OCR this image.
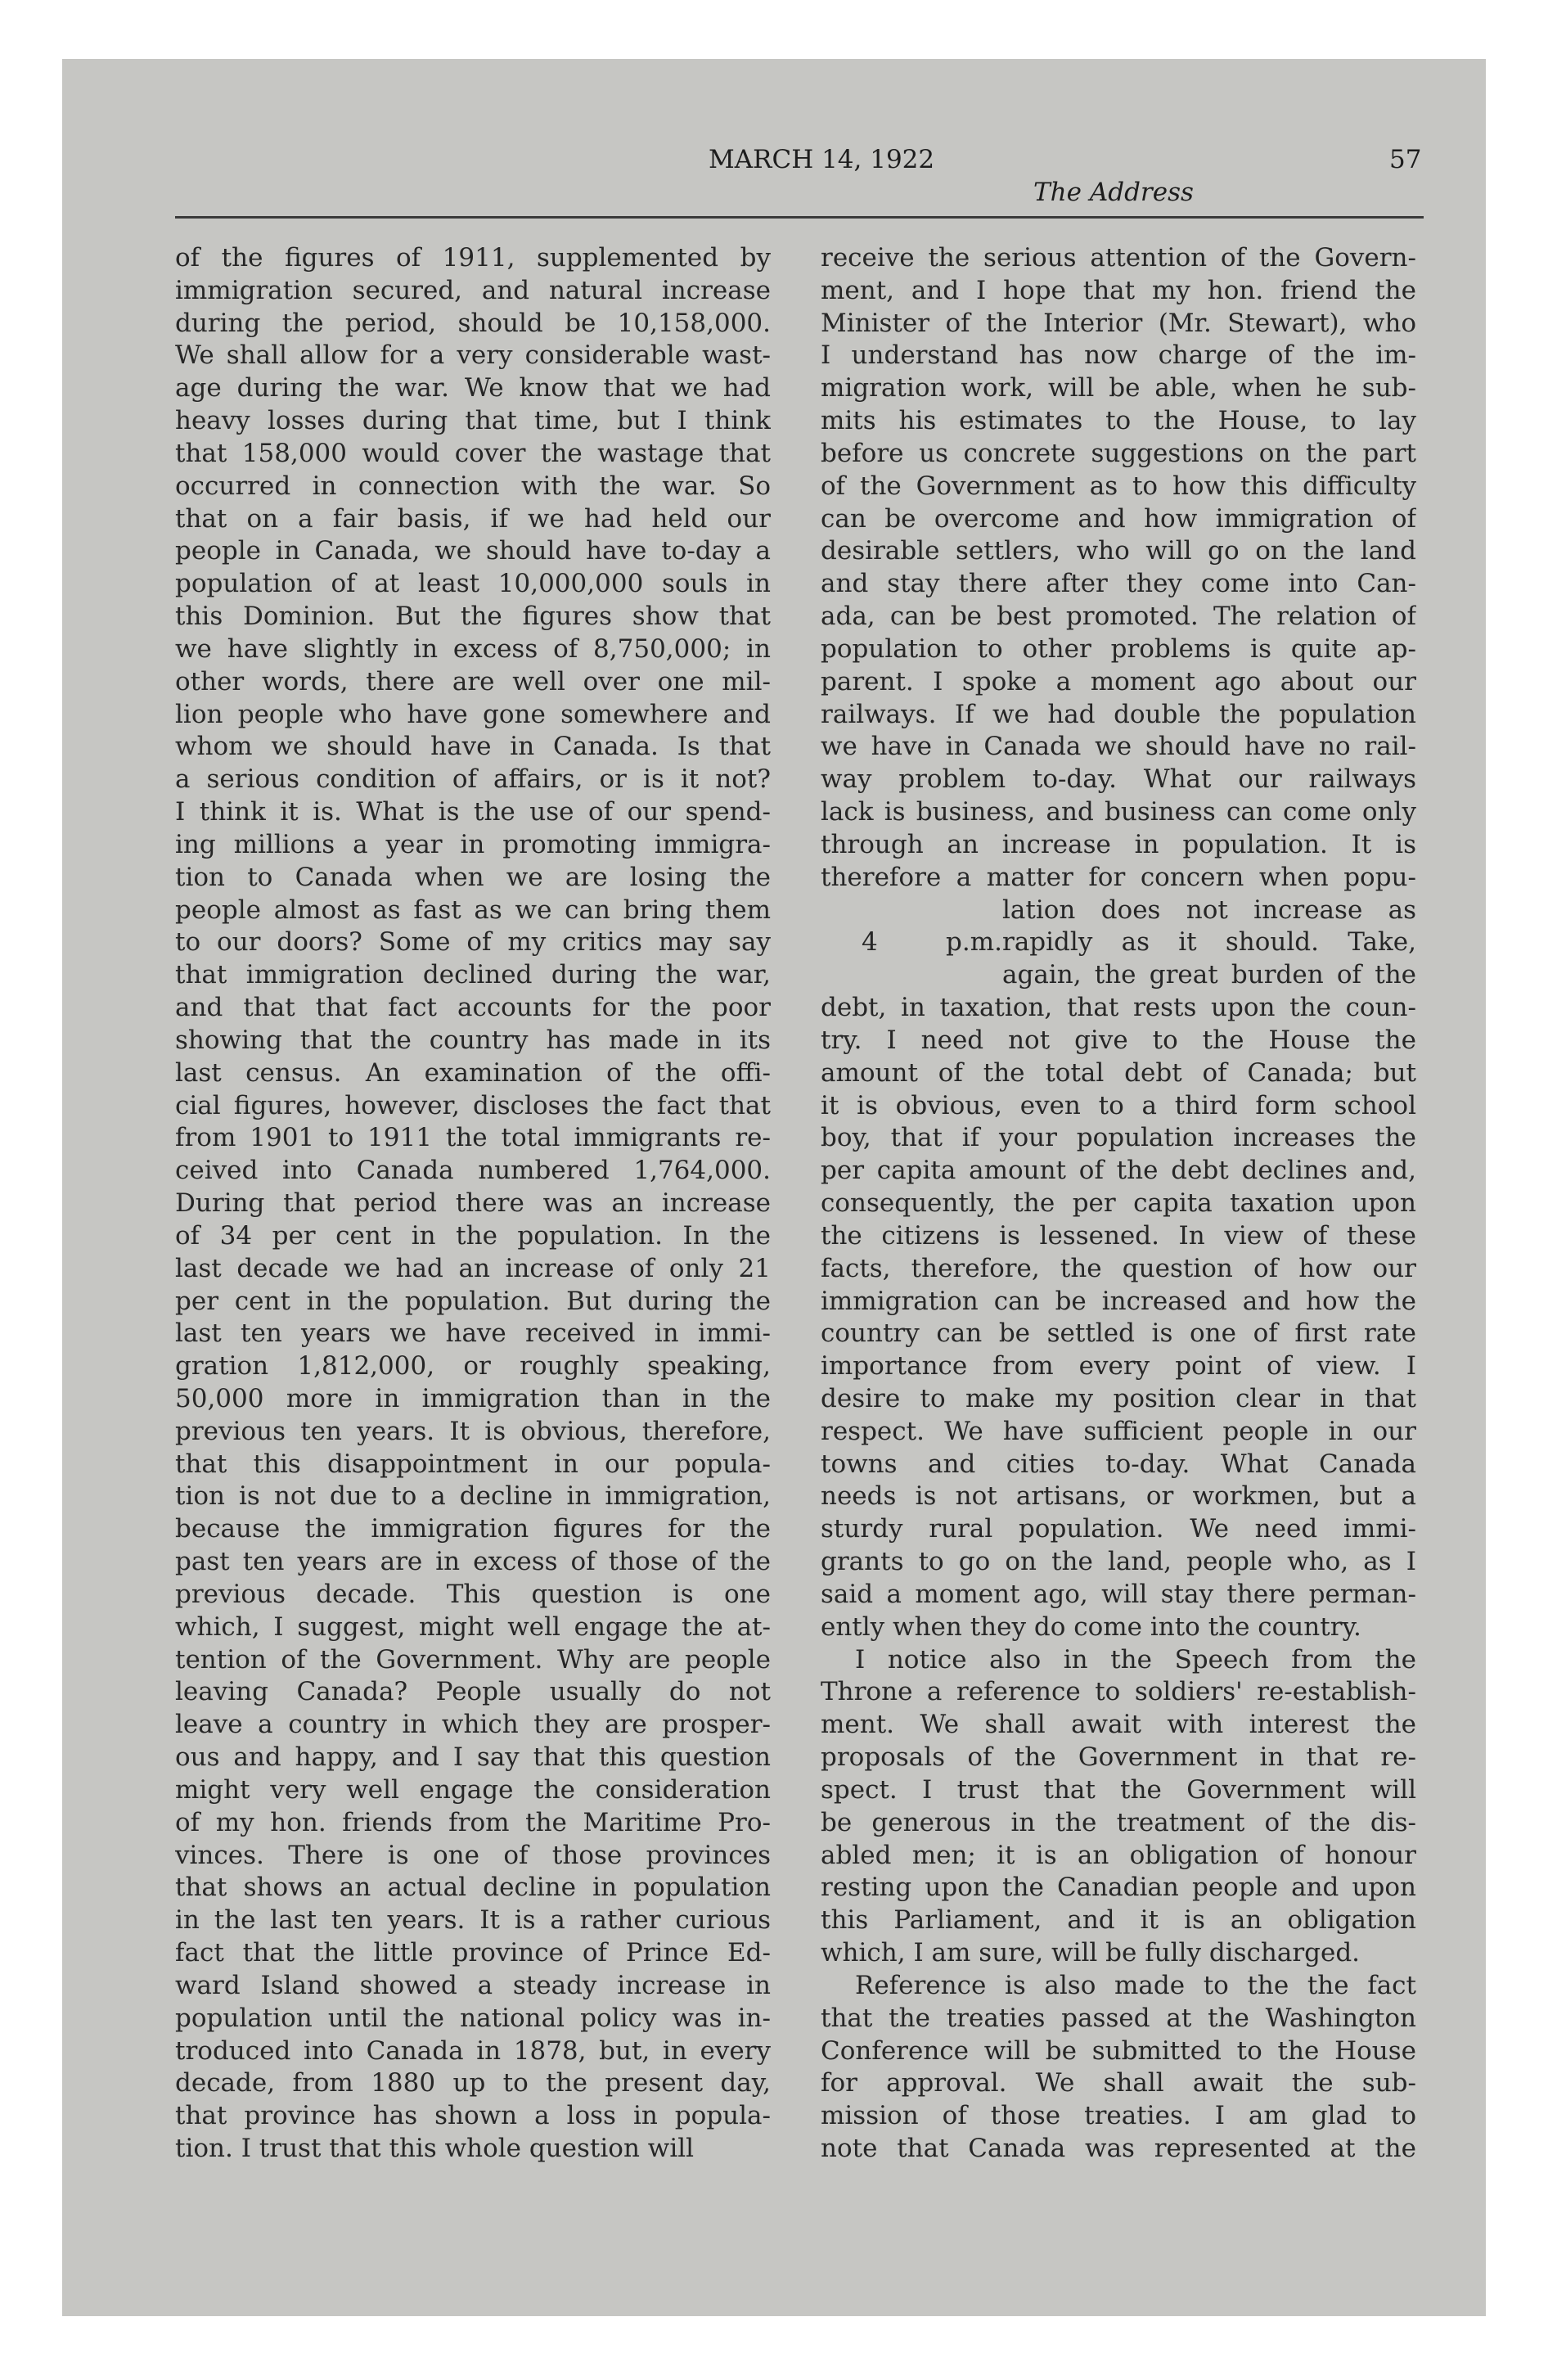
MARCH 14, 1922	57
The Address
of the figures of 1911, supplemented by
immigration secured, and natural increase
during the period, should be 10,158,000.
We shall allow for a very considerable wast-
age during the war. We know that we had
heavy losses during that time, but I think
that 158,000 would cover the wastage that
occurred in connection with the war. So
that on a fair basis, if we had held our
people in Canada, we should have to-day a
population of at least 10,000,000 souls in
this Dominion. But the figures show that
we have slightly in excess of 8,750,000; in
other words, there are well over one mil-
lion people who have gone somewhere and
whom we should have in Canada. Is that
a serious condition of affairs, or is it not?
I think it is. What is the use of our spend-
ing millions a year in promoting immigra-
tion to Canada when we are losing the
people almost as fast as we can bring them
to our doors? Some of my critics may say
that immigration declined during the war,
and that that fact accounts for the poor
showing that the country has made in its
last census. An examination of the offi-
cial figures, however, discloses the fact that
from 1901 to 1911 the total immigrants re-
ceived into Canada numbered 1,764,000.
During that period there was an increase
of 34 per cent in the population. In the
last decade we had an increase of only 21
per cent in the population. But during the
last ten years we have received in immi-
gration 1,812,000, or roughly speaking,
50,000 more in immigration than in the
previous ten years. It is obvious, therefore,
that this disappointment in our popula-
tion is not due to a decline in immigration,
because the immigration figures for the
past ten years are in excess of those of the
previous decade. This question is one
which, I suggest, might well engage the at-
tention of the Government. Why are people
leaving Canada? People usually do not
leave a country in which they are prosper-
ous and happy, and I say that this question
might very well engage the consideration
of my hon. friends from the Maritime Pro-
vinces. There is one of those provinces
that shows an actual decline in population
in the last ten years. It is a rather curious
fact that the little province of Prince Ed-
ward Island showed a steady increase in
population until the national policy was in-
troduced into Canada in 1878, but, in every
decade, from 1880 up to the present day,
that province has shown a loss in popula-
tion. I trust that this whole question will
receive the serious attention of the Govern-
ment, and I hope that my hon. friend the
Minister of the Interior (Mr. Stewart), who
I understand has now charge of the im-
migration work, will be able, when he sub-
mits his estimates to the House, to lay
before us concrete suggestions on the part
of the Government as to how this difficulty
can be overcome and how immigration of
desirable settlers, who will go on the land
and stay there after they come into Can-
ada, can be best promoted. The relation of
population to other problems is quite ap-
parent. I spoke a moment ago about our
railways. If we had double the population
we have in Canada we should have no rail-
way problem to-day. What our railways
lack is business, and business can come only
through an increase in population. It is
therefore a matter for concern when popu-
lation does not increase as
4 p.m.rapidly as it should. Take,
again, the great burden of the
debt, in taxation, that rests upon the coun-
try. I need not give to the House the
amount of the total debt of Canada; but
it is obvious, even to a third form school
boy, that if your population increases the
per capita amount of the debt declines and,
consequently, the per capita taxation upon
the citizens is lessened. In view of these
facts, therefore, the question of how our
immigration can be increased and how the
country can be settled is one of first rate
importance from every point of view. I
desire to make my position clear in that
respect. We have sufficient people in our
towns and cities to-day. What Canada
needs is not artisans, or workmen, but a
sturdy rural population. We need immi-
grants to go on the land, people who, as I
said a moment ago, will stay there perman-
ently when they do come into the country.
I notice also in the Speech from the
Throne a reference to soldiers' re-establish-
ment. We shall await with interest the
proposals of the Government in that re-
spect. I trust that the Government will
be generous in the treatment of the dis-
abled men; it is an obligation of honour
resting upon the Canadian people and upon
this Parliament, and it is an obligation
which, I am sure, will be fully discharged.
Reference is also made to the the fact
that the treaties passed at the Washington
Conference will be submitted to the House
for approval. We shall await the sub-
mission of those treaties. I am glad to
note that Canada was represented at the
